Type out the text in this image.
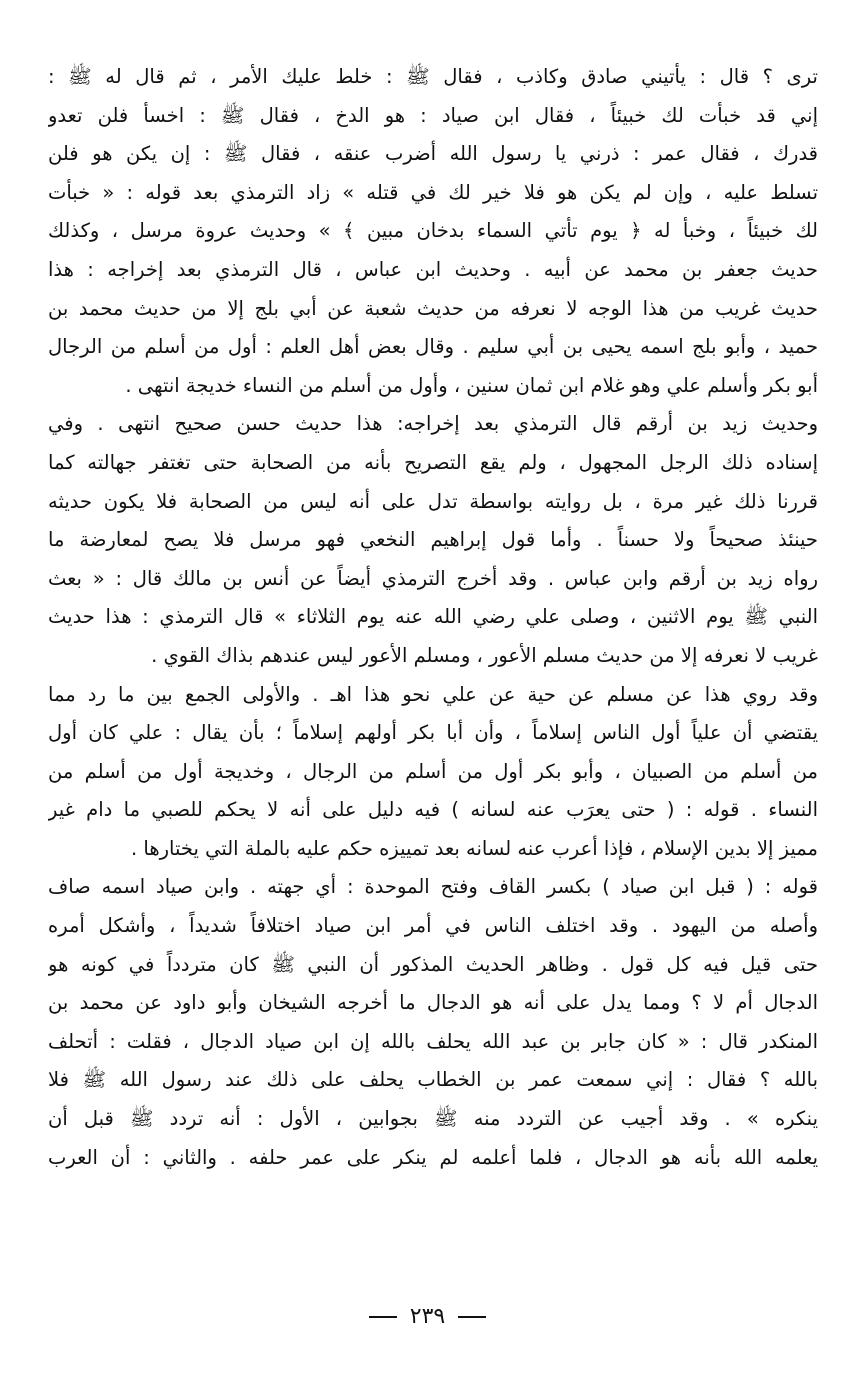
ترى ؟ قال : يأتيني صادق وكاذب ، فقال ﷺ : خلط عليك الأمر ، ثم قال له ﷺ :
إني قد خبأت لك خبيئاً ، فقال ابن صياد : هو الدخ ، فقال ﷺ : اخسأ فلن تعدو
قدرك ، فقال عمر : ذرني يا رسول الله أضرب عنقه ، فقال ﷺ : إن يكن هو فلن
تسلط عليه ، وإن لم يكن هو فلا خير لك في قتله » زاد الترمذي بعد قوله : « خبأت
لك خبيئاً ، وخبأ له ﴿ يوم تأتي السماء بدخان مبين ﴾ » وحديث عروة مرسل ، وكذلك
حديث جعفر بن محمد عن أبيه . وحديث ابن عباس ، قال الترمذي بعد إخراجه : هذا
حديث غريب من هذا الوجه لا نعرفه من حديث شعبة عن أبي بلج إلا من حديث محمد بن
حميد ، وأبو بلج اسمه يحيى بن أبي سليم . وقال بعض أهل العلم : أول من أسلم من الرجال
أبو بكر وأسلم علي وهو غلام ابن ثمان سنين ، وأول من أسلم من النساء خديجة انتهى .
وحديث زيد بن أرقم قال الترمذي بعد إخراجه: هذا حديث حسن صحيح انتهى . وفي
إسناده ذلك الرجل المجهول ، ولم يقع التصريح بأنه من الصحابة حتى تغتفر جهالته كما
قررنا ذلك غير مرة ، بل روايته بواسطة تدل على أنه ليس من الصحابة فلا يكون حديثه
حينئذ صحيحاً ولا حسناً . وأما قول إبراهيم النخعي فهو مرسل فلا يصح لمعارضة ما
رواه زيد بن أرقم وابن عباس . وقد أخرج الترمذي أيضاً عن أنس بن مالك قال : « بعث
النبي ﷺ يوم الاثنين ، وصلى علي رضي الله عنه يوم الثلاثاء » قال الترمذي : هذا حديث
غريب لا نعرفه إلا من حديث مسلم الأعور ، ومسلم الأعور ليس عندهم بذاك القوي .
وقد روي هذا عن مسلم عن حية عن علي نحو هذا اهـ . والأولى الجمع بين ما رد مما
يقتضي أن علياً أول الناس إسلاماً ، وأن أبا بكر أولهم إسلاماً ؛ بأن يقال : علي كان أول
من أسلم من الصبيان ، وأبو بكر أول من أسلم من الرجال ، وخديجة أول من أسلم من
النساء . قوله : ( حتى يعرَب عنه لسانه ) فيه دليل على أنه لا يحكم للصبي ما دام غير
مميز إلا بدين الإسلام ، فإذا أعرب عنه لسانه بعد تمييزه حكم عليه بالملة التي يختارها .
قوله : ( قبل ابن صياد ) بكسر القاف وفتح الموحدة : أي جهته . وابن صياد اسمه صاف
وأصله من اليهود . وقد اختلف الناس في أمر ابن صياد اختلافاً شديداً ، وأشكل أمره
حتى قيل فيه كل قول . وظاهر الحديث المذكور أن النبي ﷺ كان متردداً في كونه هو
الدجال أم لا ؟ ومما يدل على أنه هو الدجال ما أخرجه الشيخان وأبو داود عن محمد بن
المنكدر قال : « كان جابر بن عبد الله يحلف بالله إن ابن صياد الدجال ، فقلت : أتحلف
بالله ؟ فقال : إني سمعت عمر بن الخطاب يحلف على ذلك عند رسول الله ﷺ فلا
ينكره » . وقد أجيب عن التردد منه ﷺ بجوابين ، الأول : أنه تردد ﷺ قبل أن
يعلمه الله بأنه هو الدجال ، فلما أعلمه لم ينكر على عمر حلفه . والثاني : أن العرب
٢٣٩
